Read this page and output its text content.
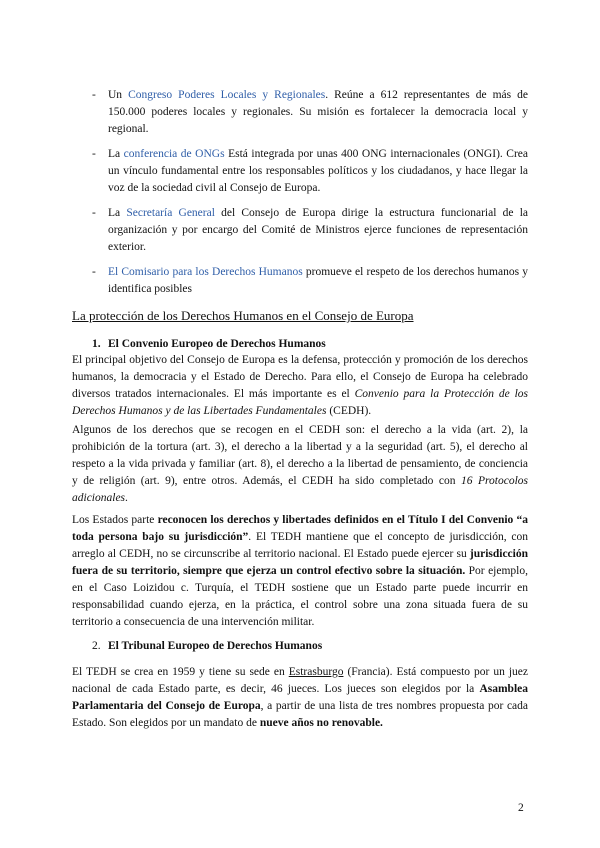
- Un Congreso Poderes Locales y Regionales. Reúne a 612 representantes de más de 150.000 poderes locales y regionales. Su misión es fortalecer la democracia local y regional.
- La conferencia de ONGs Está integrada por unas 400 ONG internacionales (ONGI). Crea un vínculo fundamental entre los responsables políticos y los ciudadanos, y hace llegar la voz de la sociedad civil al Consejo de Europa.
- La Secretaría General del Consejo de Europa dirige la estructura funcionarial de la organización y por encargo del Comité de Ministros ejerce funciones de representación exterior.
- El Comisario para los Derechos Humanos promueve el respeto de los derechos humanos y identifica posibles
La protección de los Derechos Humanos en el Consejo de Europa
1. El Convenio Europeo de Derechos Humanos

El principal objetivo del Consejo de Europa es la defensa, protección y promoción de los derechos humanos, la democracia y el Estado de Derecho. Para ello, el Consejo de Europa ha celebrado diversos tratados internacionales. El más importante es el Convenio para la Protección de los Derechos Humanos y de las Libertades Fundamentales (CEDH).

Algunos de los derechos que se recogen en el CEDH son: el derecho a la vida (art. 2), la prohibición de la tortura (art. 3), el derecho a la libertad y a la seguridad (art. 5), el derecho al respeto a la vida privada y familiar (art. 8), el derecho a la libertad de pensamiento, de conciencia y de religión (art. 9), entre otros. Además, el CEDH ha sido completado con 16 Protocolos adicionales.

Los Estados parte reconocen los derechos y libertades definidos en el Título I del Convenio “a toda persona bajo su jurisdicción”. El TEDH mantiene que el concepto de jurisdicción, con arreglo al CEDH, no se circunscribe al territorio nacional. El Estado puede ejercer su jurisdicción fuera de su territorio, siempre que ejerza un control efectivo sobre la situación. Por ejemplo, en el Caso Loizidou c. Turquía, el TEDH sostiene que un Estado parte puede incurrir en responsabilidad cuando ejerza, en la práctica, el control sobre una zona situada fuera de su territorio a consecuencia de una intervención militar.

2. El Tribunal Europeo de Derechos Humanos

El TEDH se crea en 1959 y tiene su sede en Estrasburgo (Francia). Está compuesto por un juez nacional de cada Estado parte, es decir, 46 jueces. Los jueces son elegidos por la Asamblea Parlamentaria del Consejo de Europa, a partir de una lista de tres nombres propuesta por cada Estado. Son elegidos por un mandato de nueve años no renovable.

2
